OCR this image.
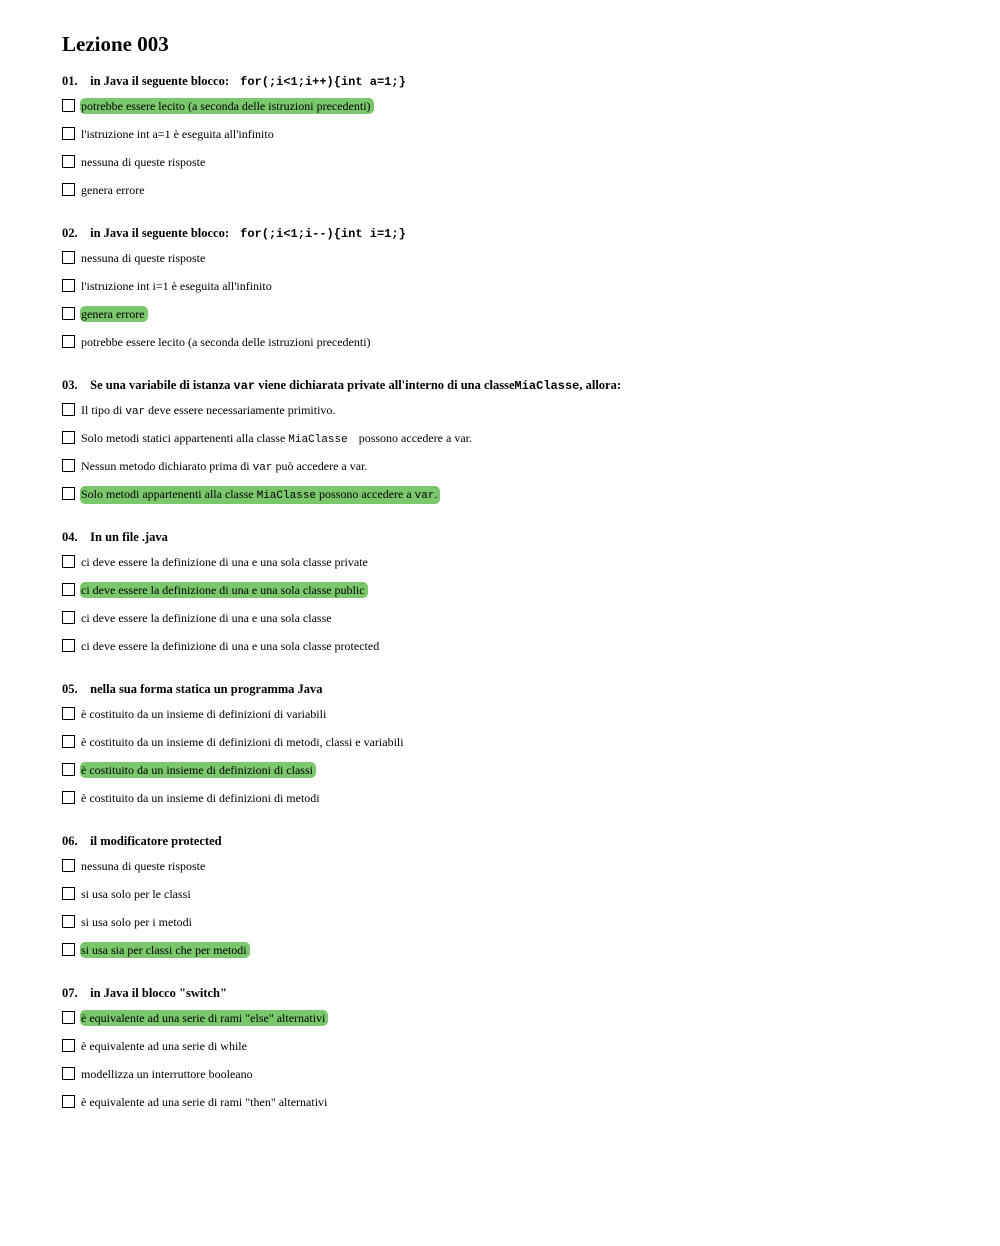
Lezione 003
01. in Java il seguente blocco: for(;i<1;i++){int a=1;}
potrebbe essere lecito (a seconda delle istruzioni precedenti)
l'istruzione int a=1 è eseguita all'infinito
nessuna di queste risposte
genera errore
02. in Java il seguente blocco: for(;i<1;i--){int i=1;}
nessuna di queste risposte
l'istruzione int i=1 è eseguita all'infinito
genera errore
potrebbe essere lecito (a seconda delle istruzioni precedenti)
03. Se una variabile di istanza var viene dichiarata private all'interno di una classeMiaClasse, allora:
Il tipo di var deve essere necessariamente primitivo.
Solo metodi statici appartenenti alla classe MiaClasse possono accedere a var.
Nessun metodo dichiarato prima di var può accedere a var.
Solo metodi appartenenti alla classe MiaClasse possono accedere a var.
04. In un file .java
ci deve essere la definizione di una e una sola classe private
ci deve essere la definizione di una e una sola classe public
ci deve essere la definizione di una e una sola classe
ci deve essere la definizione di una e una sola classe protected
05. nella sua forma statica un programma Java
è costituito da un insieme di definizioni di variabili
è costituito da un insieme di definizioni di metodi, classi e variabili
è costituito da un insieme di definizioni di classi
è costituito da un insieme di definizioni di metodi
06. il modificatore protected
nessuna di queste risposte
si usa solo per le classi
si usa solo per i metodi
si usa sia per classi che per metodi
07. in Java il blocco "switch"
è equivalente ad una serie di rami "else" alternativi
è equivalente ad una serie di while
modellizza un interruttore booleano
è equivalente ad una serie di rami "then" alternativi
